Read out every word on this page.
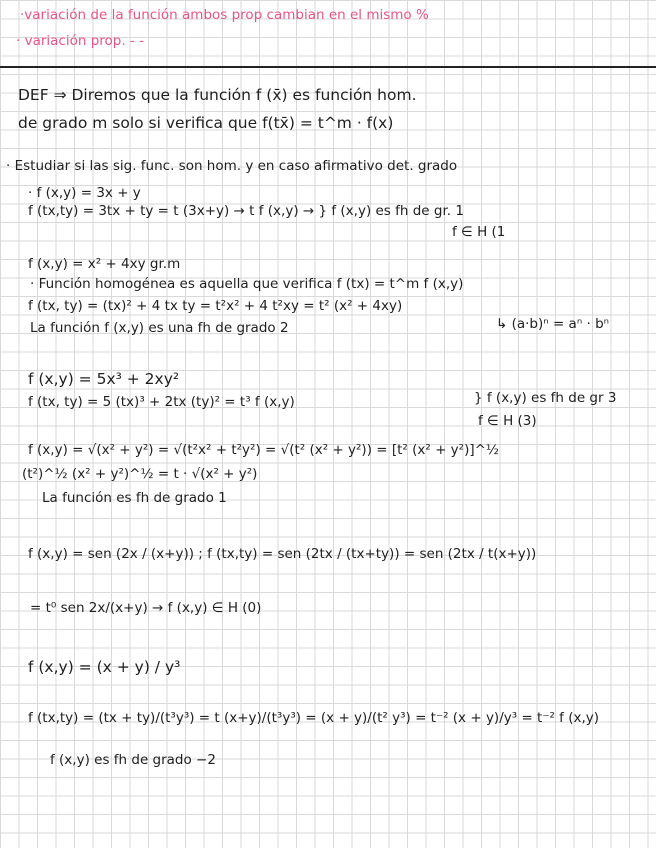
·variación de la función ambos prop cambian en el mismo %
· variación prop. - -
DEF ⇒ Diremos que la función f (x̄) es función hom.
de grado m solo si verifica que f(tx̄) = t^m · f(x)
· Estudiar si las sig. func. son hom. y en caso afirmativo det. grado
· f (x,y) = 3x + y
f (tx,ty) = 3tx + ty = t (3x+y) → t f (x,y) → } f (x,y) es fh de gr. 1
f ∈ H (1
f (x,y) = x² + 4xy gr.m
· Función homogénea es aquella que verifica f (tx) = t^m f (x,y)
f (tx, ty) = (tx)² + 4 tx ty = t²x² + 4 t²xy = t² (x² + 4xy)
La función f (x,y) es una fh de grado 2	↳ (a·b)ⁿ = aⁿ · bⁿ
f (x,y) = 5x³ + 2xy²
} f (x,y) es fh de gr 3
f (tx, ty) = 5 (tx)³ + 2tx (ty)² = t³ f (x,y)
f ∈ H (3)
f (x,y) = √(x² + y²) = √(t²x² + t²y²) = √(t² (x² + y²)) = [t² (x² + y²)]^½
(t²)^½ (x² + y²)^½ = t · √(x² + y²)
La función es fh de grado 1
f (x,y) = sen (2x / (x+y)) ; f (tx,ty) = sen (2tx / (tx+ty)) = sen (2tx / t(x+y))
= t⁰ sen 2x/(x+y) → f (x,y) ∈ H (0)
f (x,y) = (x + y) / y³
f (tx,ty) = (tx + ty)/(t³y³) = t (x+y)/(t³y³) = (x + y)/(t² y³) = t⁻² (x + y)/y³ = t⁻² f (x,y)
f (x,y) es fh de grado −2
